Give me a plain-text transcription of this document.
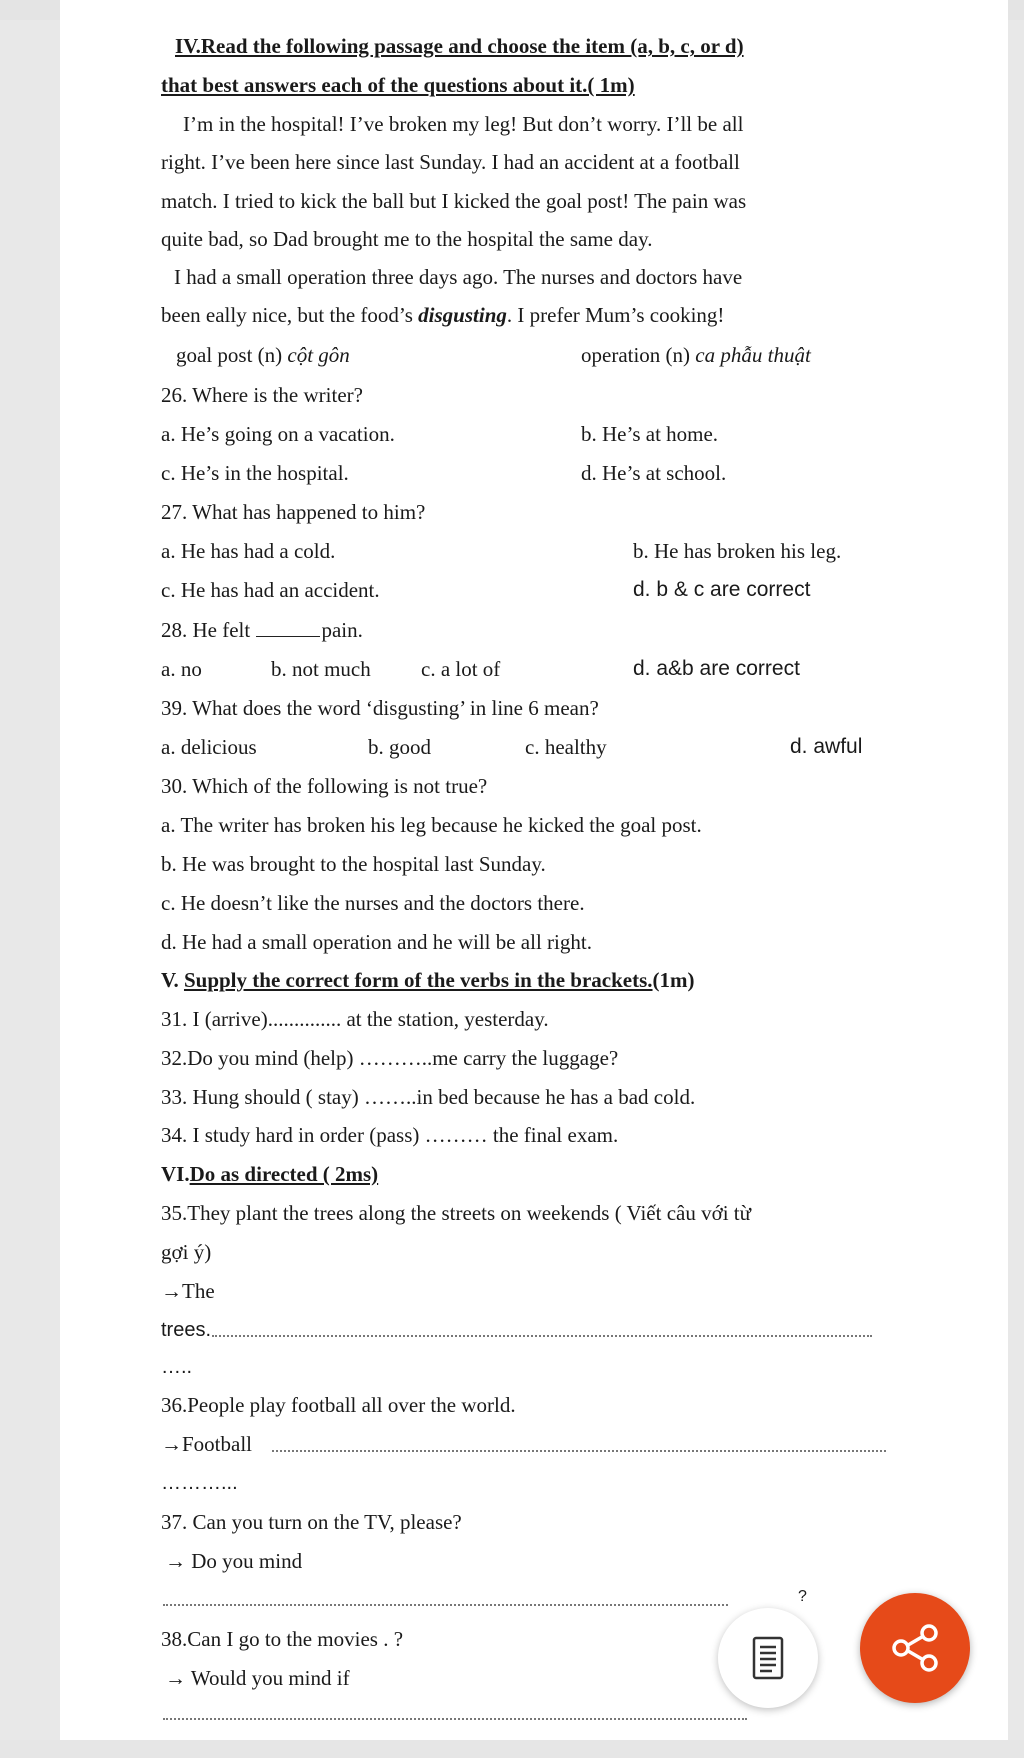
IV.Read the following passage and choose the item (a, b, c, or d)
that best answers each of the questions about it.( 1m)
I’m in the hospital! I’ve broken my leg! But don’t worry. I’ll be all
right. I’ve been here since last Sunday. I had an accident at a football
match. I tried to kick the ball but I kicked the goal post! The pain was
quite bad, so Dad brought me to the hospital the same day.
I had a small operation three days ago. The nurses and doctors have
been eally nice, but the food’s disgusting. I prefer Mum’s cooking!
goal post (n) cột gôn	operation (n) ca phẫu thuật
26. Where is the writer?
a. He’s going on a vacation.	b. He’s at home.
c. He’s in the hospital.	d. He’s at school.
27. What has happened to him?
a. He has had a cold.	b. He has broken his leg.
c. He has had an accident.	d. b & c are correct
28. He felt	pain.
a. no	b. not much c. a lot of	d. a&b are correct
39. What does the word ‘disgusting’ in line 6 mean?
a. delicious	b. good	c. healthy	d. awful
30. Which of the following is not true?
a. The writer has broken his leg because he kicked the goal post.
b. He was brought to the hospital last Sunday.
c. He doesn’t like the nurses and the doctors there.
d. He had a small operation and he will be all right.
V. Supply the correct form of the verbs in the brackets.(1m)
31. I (arrive).............. at the station, yesterday.
32.Do you mind (help) ………..me carry the luggage?
33. Hung should ( stay) ……..in bed because he has a bad cold.
34. I study hard in order (pass) ……… the final exam.
VI.Do as directed ( 2ms)
35.They plant the trees along the streets on weekends ( Viết câu với từ
gợi ý)
→The
trees.
…..
36.People play football all over the world.
→Football
………...
37. Can you turn on the TV, please?
→ Do you mind
?
38.Can I go to the movies . ?
→ Would you mind if
